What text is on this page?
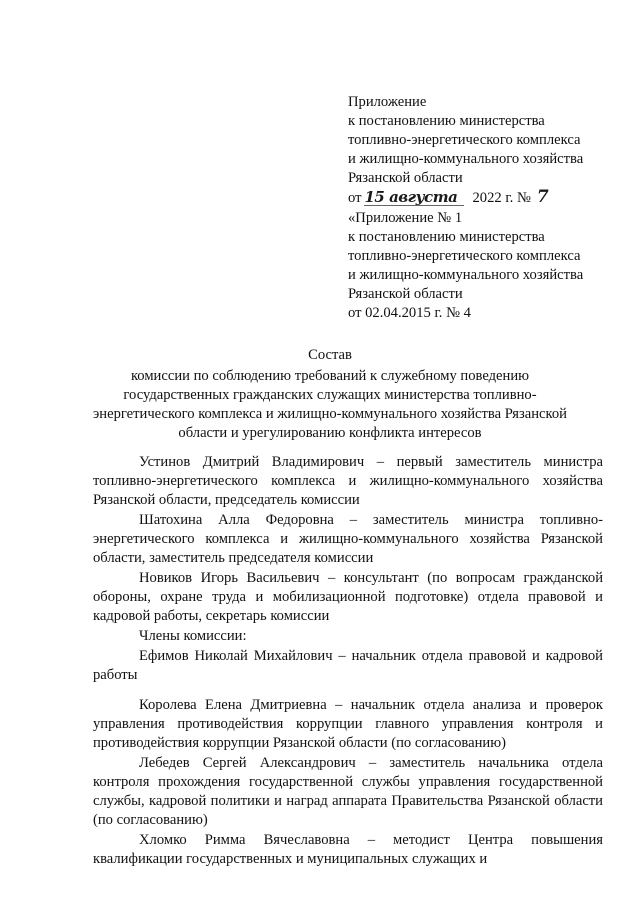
Приложение
к постановлению министерства
топливно-энергетического комплекса
и жилищно-коммунального хозяйства
Рязанской области
от 15 августа	2022 г. № 7
«Приложение № 1
к постановлению министерства
топливно-энергетического комплекса
и жилищно-коммунального хозяйства
Рязанской области
от 02.04.2015 г. № 4
Состав
комиссии по соблюдению требований к служебному поведению
государственных гражданских служащих министерства топливно-
энергетического комплекса и жилищно-коммунального хозяйства Рязанской
области и урегулированию конфликта интересов

Устинов Дмитрий Владимирович – первый заместитель министра топливно-энергетического комплекса и жилищно-коммунального хозяйства Рязанской области, председатель комиссии

Шатохина Алла Федоровна – заместитель министра топливно-энергетического комплекса и жилищно-коммунального хозяйства Рязанской области, заместитель председателя комиссии

Новиков Игорь Васильевич – консультант (по вопросам гражданской обороны, охране труда и мобилизационной подготовке) отдела правовой и кадровой работы, секретарь комиссии

Члены комиссии:

Ефимов Николай Михайлович – начальник отдела правовой и кадровой работы

Королева Елена Дмитриевна – начальник отдела анализа и проверок управления противодействия коррупции главного управления контроля и противодействия коррупции Рязанской области (по согласованию)

Лебедев Сергей Александрович – заместитель начальника отдела контроля прохождения государственной службы управления государственной службы, кадровой политики и наград аппарата Правительства Рязанской области (по согласованию)

Хломко Римма Вячеславовна – методист Центра повышения квалификации государственных и муниципальных служащих и
